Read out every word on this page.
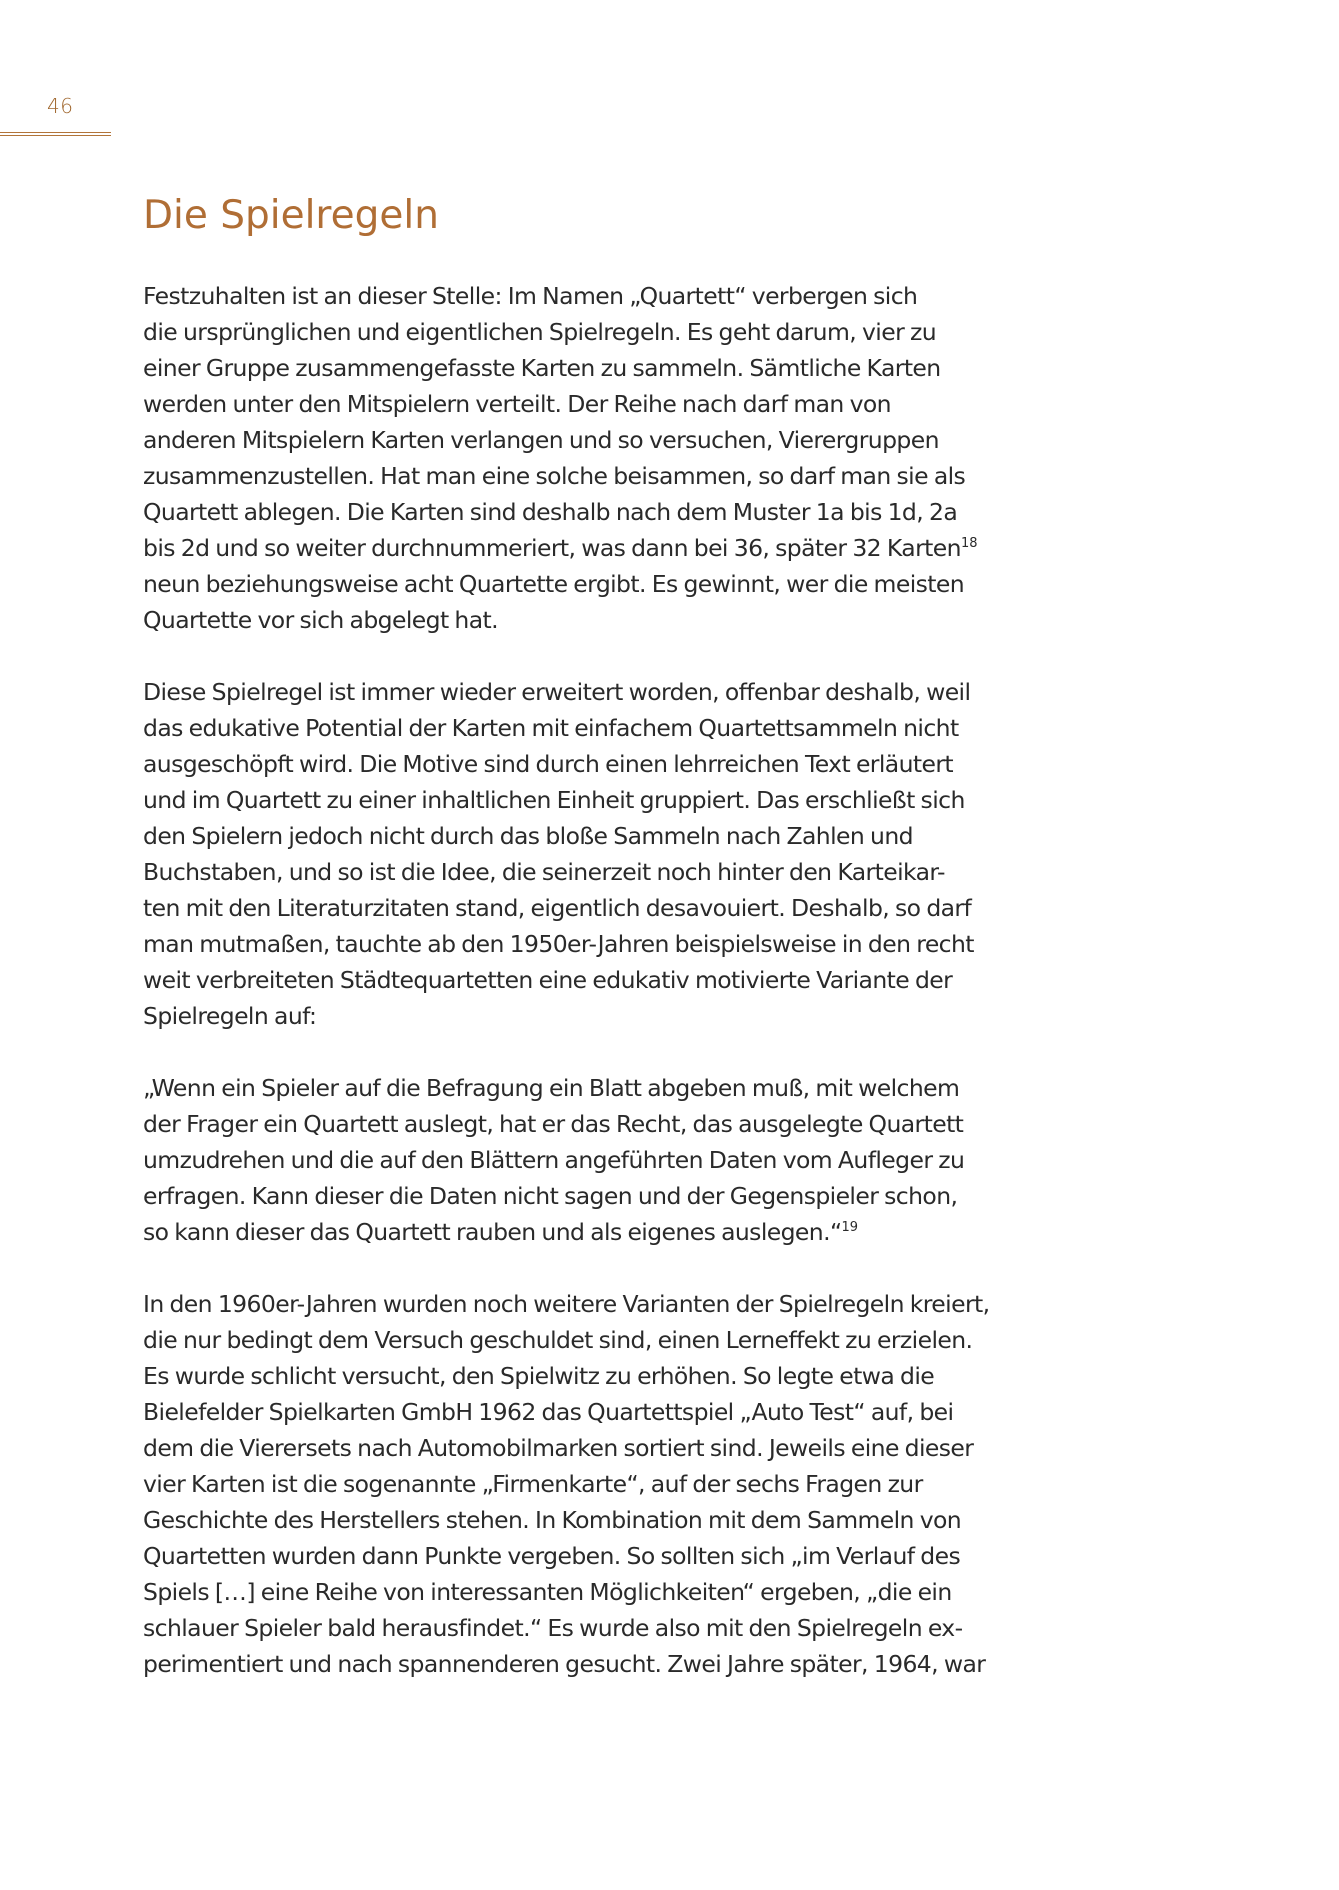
46
Die Spielregeln

Festzuhalten ist an dieser Stelle: Im Namen „Quartett“ verbergen sich
die ursprünglichen und eigentlichen Spielregeln. Es geht darum, vier zu
einer Gruppe zusammengefasste Karten zu sammeln. Sämtliche Karten
werden unter den Mitspielern verteilt. Der Reihe nach darf man von
anderen Mitspielern Karten verlangen und so versuchen, Vierergruppen
zusammenzustellen. Hat man eine solche beisammen, so darf man sie als
Quartett ablegen. Die Karten sind deshalb nach dem Muster 1a bis 1d, 2a
bis 2d und so weiter durchnummeriert, was dann bei 36, später 32 Karten$^{18}$
neun beziehungsweise acht Quartette ergibt. Es gewinnt, wer die meisten
Quartette vor sich abgelegt hat.

Diese Spielregel ist immer wieder erweitert worden, offenbar deshalb, weil
das edukative Potential der Karten mit einfachem Quartettsammeln nicht
ausgeschöpft wird. Die Motive sind durch einen lehrreichen Text erläutert
und im Quartett zu einer inhaltlichen Einheit gruppiert. Das erschließt sich
den Spielern jedoch nicht durch das bloße Sammeln nach Zahlen und
Buchstaben, und so ist die Idee, die seinerzeit noch hinter den Karteikar-
ten mit den Literaturzitaten stand, eigentlich desavouiert. Deshalb, so darf
man mutmaßen, tauchte ab den 1950er-Jahren beispielsweise in den recht
weit verbreiteten Städtequartetten eine edukativ motivierte Variante der
Spielregeln auf:

„Wenn ein Spieler auf die Befragung ein Blatt abgeben muß, mit welchem
der Frager ein Quartett auslegt, hat er das Recht, das ausgelegte Quartett
umzudrehen und die auf den Blättern angeführten Daten vom Aufleger zu
erfragen. Kann dieser die Daten nicht sagen und der Gegenspieler schon,
so kann dieser das Quartett rauben und als eigenes auslegen.“$^{19}$

In den 1960er-Jahren wurden noch weitere Varianten der Spielregeln kreiert,
die nur bedingt dem Versuch geschuldet sind, einen Lerneffekt zu erzielen.
Es wurde schlicht versucht, den Spielwitz zu erhöhen. So legte etwa die
Bielefelder Spielkarten GmbH 1962 das Quartettspiel „Auto Test“ auf, bei
dem die Vierersets nach Automobilmarken sortiert sind. Jeweils eine dieser
vier Karten ist die sogenannte „Firmenkarte“, auf der sechs Fragen zur
Geschichte des Herstellers stehen. In Kombination mit dem Sammeln von
Quartetten wurden dann Punkte vergeben. So sollten sich „im Verlauf des
Spiels […] eine Reihe von interessanten Möglichkeiten“ ergeben, „die ein
schlauer Spieler bald herausfindet.“ Es wurde also mit den Spielregeln ex-
perimentiert und nach spannenderen gesucht. Zwei Jahre später, 1964, war
